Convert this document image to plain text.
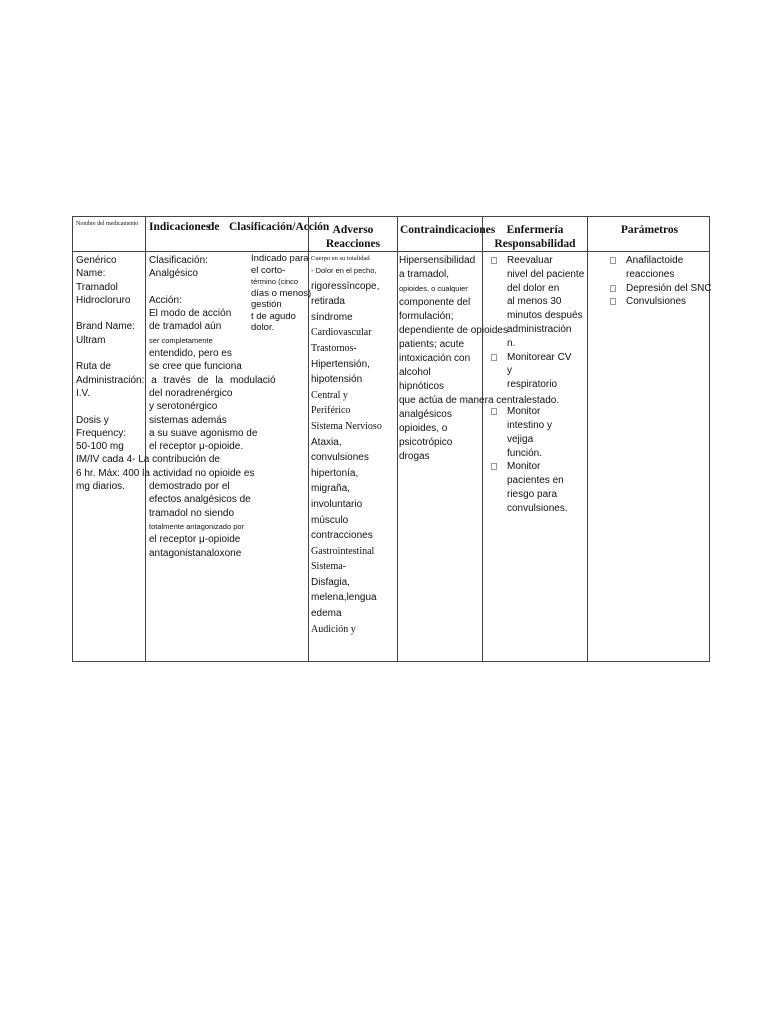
Nombre del medicamento Indicaciones
de Clasificación/Acción Adverso
Reacciones
Contraindicaciones Enfermería
Responsabilidad
Parámetros
Genérico
Name:
Tramadol
Hidrocloruro
Brand Name:
Ultram
Ruta de
Administración: a través de la modulació
I.V.
Dosis y
Frequency:
50-100 mg
IM/IV cada 4- La contribución de
6 hr. Máx: 400 la actividad no opioide es
mg diarios.
Clasificación:
Analgésico
Acción:
El modo de acción
de tramadol aún
ser completamente
entendido, pero es
se cree que funciona
del noradrenérgico
y serotonérgico
sistemas además
a su suave agonismo de
el receptor μ-opioide.
demostrado por el
efectos analgésicos de
tramadol no siendo
totalmente antagonizado por
el receptor μ-opioide
antagonistanaloxone
Indicado para
el corto-
término (cinco
días o menos)
gestión
t de agudo
dolor.
Cuerpo en su totalidad
- Dolor en el pecho,
rigoressíncope,
retirada
síndrome
Cardiovascular
Trastornos-
Hipertensión,
hipotensión
Central y
Periférico
Sistema Nervioso
Ataxia,
convulsiones
hipertonía,
migraña,
involuntario
músculo
contracciones
Gastrointestinal
Sistema-
Disfagia,
melena,lengua
edema
Audición y
Hipersensibilidad
a tramadol,
opioides, o cualquier
componente del
formulación;
dependiente de opioides
patients; acute
intoxicación con
alcohol
hipnóticos
que actúa de manera centralestado.
analgésicos
opioides, o
psicotrópico
drogas
Reevaluar
nivel del paciente
del dolor en
al menos 30
minutos después
administración
n.
Monitorear CV
y
respiratorio
Monitor
intestino y
vejiga
función.
Monitor
pacientes en
riesgo para
convulsiones.
Anafilactoide
reacciones
Depresión del SNC
Convulsiones
